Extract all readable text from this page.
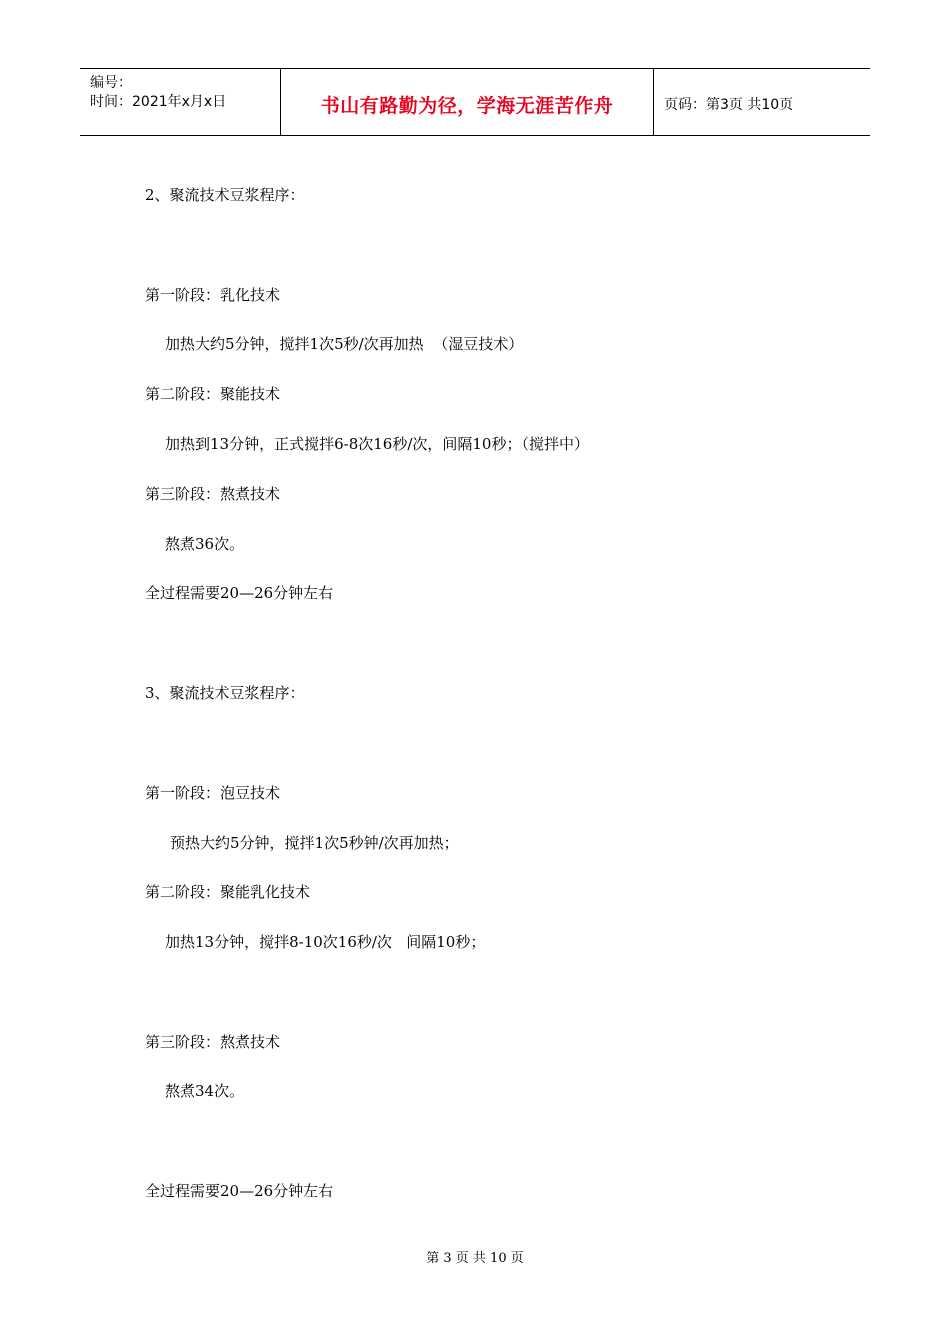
编号：
时间：2021年x月x日	书山有路勤为径，学海无涯苦作舟	页码：第3页 共10页
2、聚流技术豆浆程序：
第一阶段：乳化技术
加热大约5分钟，搅拌1次5秒/次再加热  （湿豆技术）
第二阶段：聚能技术
加热到13分钟，正式搅拌6-8次16秒/次，间隔10秒；（搅拌中）
第三阶段：熬煮技术
熬煮36次。
全过程需要20—26分钟左右
3、聚流技术豆浆程序：
第一阶段：泡豆技术
预热大约5分钟，搅拌1次5秒钟/次再加热；
第二阶段：聚能乳化技术
加热13分钟，搅拌8-10次16秒/次   间隔10秒；
第三阶段：熬煮技术
熬煮34次。
全过程需要20—26分钟左右
第 3 页 共 10 页
